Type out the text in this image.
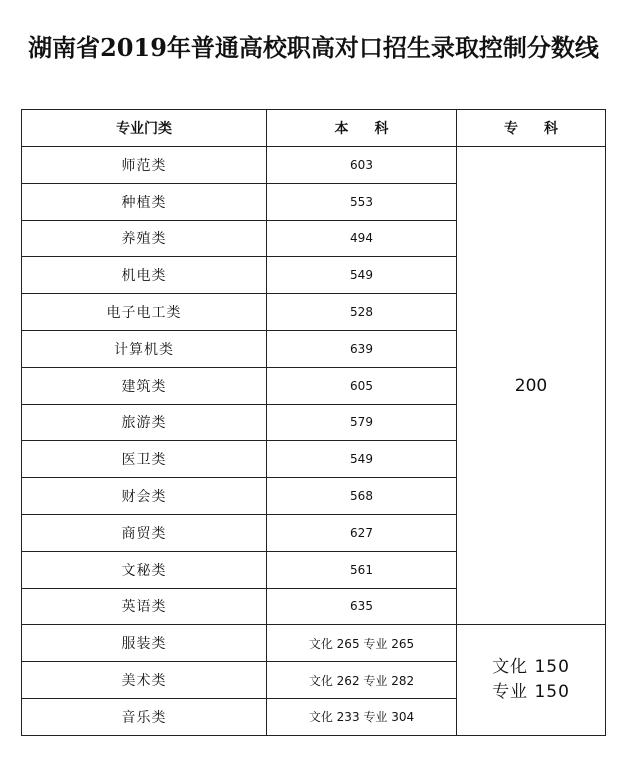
湖南省2019年普通高校职高对口招生录取控制分数线
专业门类	本科	专科
师范类	603	200
种植类	553	
养殖类	494	
机电类	549	
电子电工类	528	
计算机类	639	
建筑类	605	
旅游类	579	
医卫类	549	
财会类	568	
商贸类	627	
文秘类	561	
英语类	635	
服装类	文化 265 专业 265	文化 150
专业 150

美术类	文化 262 专业 282	
音乐类	文化 233 专业 304	
